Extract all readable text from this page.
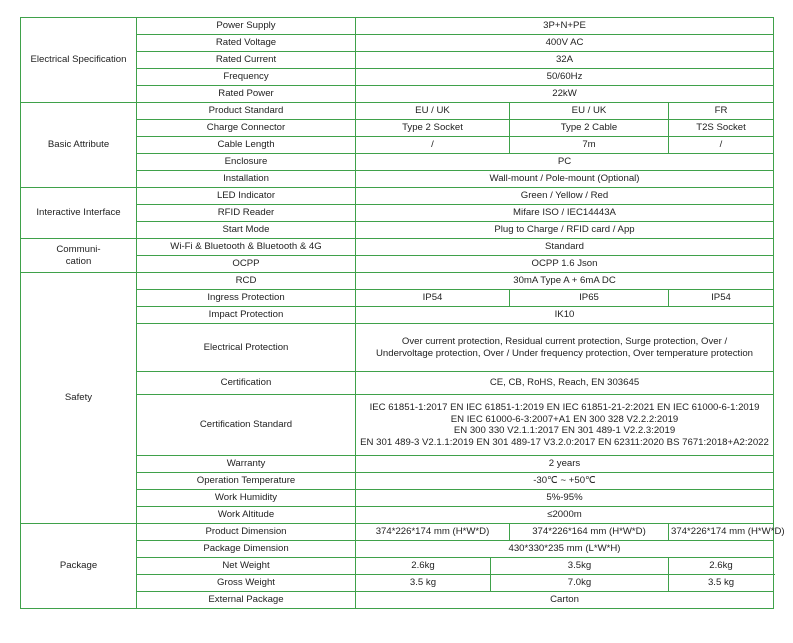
Electrical Specification	Power Supply	3P+N+PE			
	Rated Voltage	400V AC			
	Rated Current	32A			
	Frequency	50/60Hz			
	Rated Power	22kW			
Basic Attribute	Product Standard	EU / UK		EU / UK	FR
	Charge Connector	Type 2 Socket		Type 2 Cable	T2S Socket
	Cable Length	/		7m	/
	Enclosure	PC			
	Installation	Wall-mount / Pole-mount (Optional)			
Interactive Interface	LED Indicator	Green / Yellow / Red			
	RFID Reader	Mifare ISO / IEC14443A			
	Start Mode	Plug to Charge / RFID card / App			
Communi-cation	Wi-Fi & Bluetooth & Bluetooth & 4G	Standard			
	OCPP	OCPP 1.6 Json			
Safety	RCD	30mA Type A + 6mA DC			
	Ingress Protection	IP54		IP65	IP54
	Impact Protection	IK10			
	Electrical Protection	Over current protection, Residual current protection, Surge protection, Over /
Undervoltage protection, Over / Under frequency protection, Over temperature protection			

	Certification	CE, CB, RoHS, Reach, EN 303645			
	Certification Standard	IEC 61851-1:2017 EN IEC 61851-1:2019 EN IEC 61851-21-2:2021 EN IEC 61000-6-1:2019
EN IEC 61000-6-3:2007+A1 EN 300 328 V2.2.2:2019
EN 300 330 V2.1.1:2017 EN 301 489-1 V2.2.3:2019
EN 301 489-3 V2.1.1:2019 EN 301 489-17 V3.2.0:2017 EN 62311:2020 BS 7671:2018+A2:2022			

	Warranty	2 years			
	Operation Temperature	-30℃ ~ +50℃			
	Work Humidity	5%-95%			
	Work Altitude	≤2000m			
Package	Product Dimension	374*226*174 mm (H*W*D)		374*226*164 mm (H*W*D)	374*226*174 mm (H*W*D)
	Package Dimension	430*330*235 mm (L*W*H)			
	Net Weight	2.6kg	3.5kg		2.6kg
	Gross Weight	3.5 kg	7.0kg		3.5 kg
	External Package	Carton			
